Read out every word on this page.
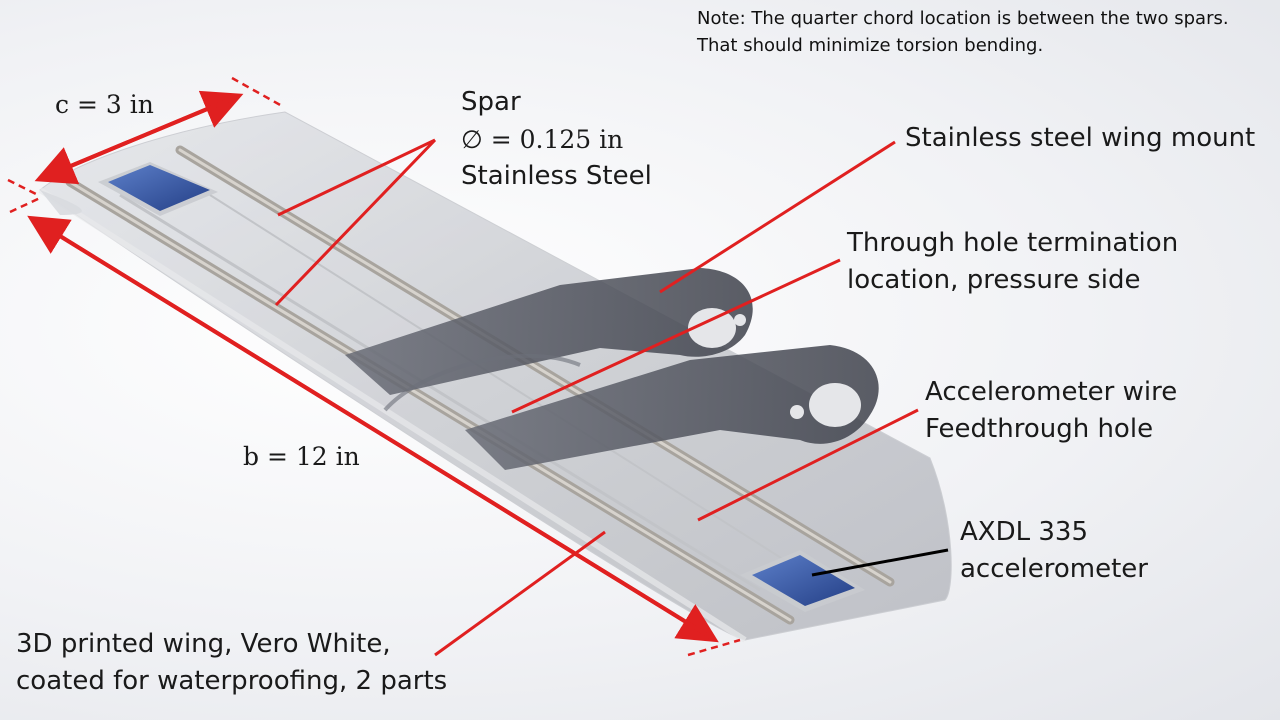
Note: The quarter chord location is between the two spars.
That should minimize torsion bending.
c = 3 in
b = 12 in
Spar
∅ = 0.125 in
Stainless Steel
Stainless steel wing mount
Through hole termination
location, pressure side
Accelerometer wire
Feedthrough hole
AXDL 335
accelerometer
3D printed wing, Vero White,
coated for waterproofing, 2 parts
